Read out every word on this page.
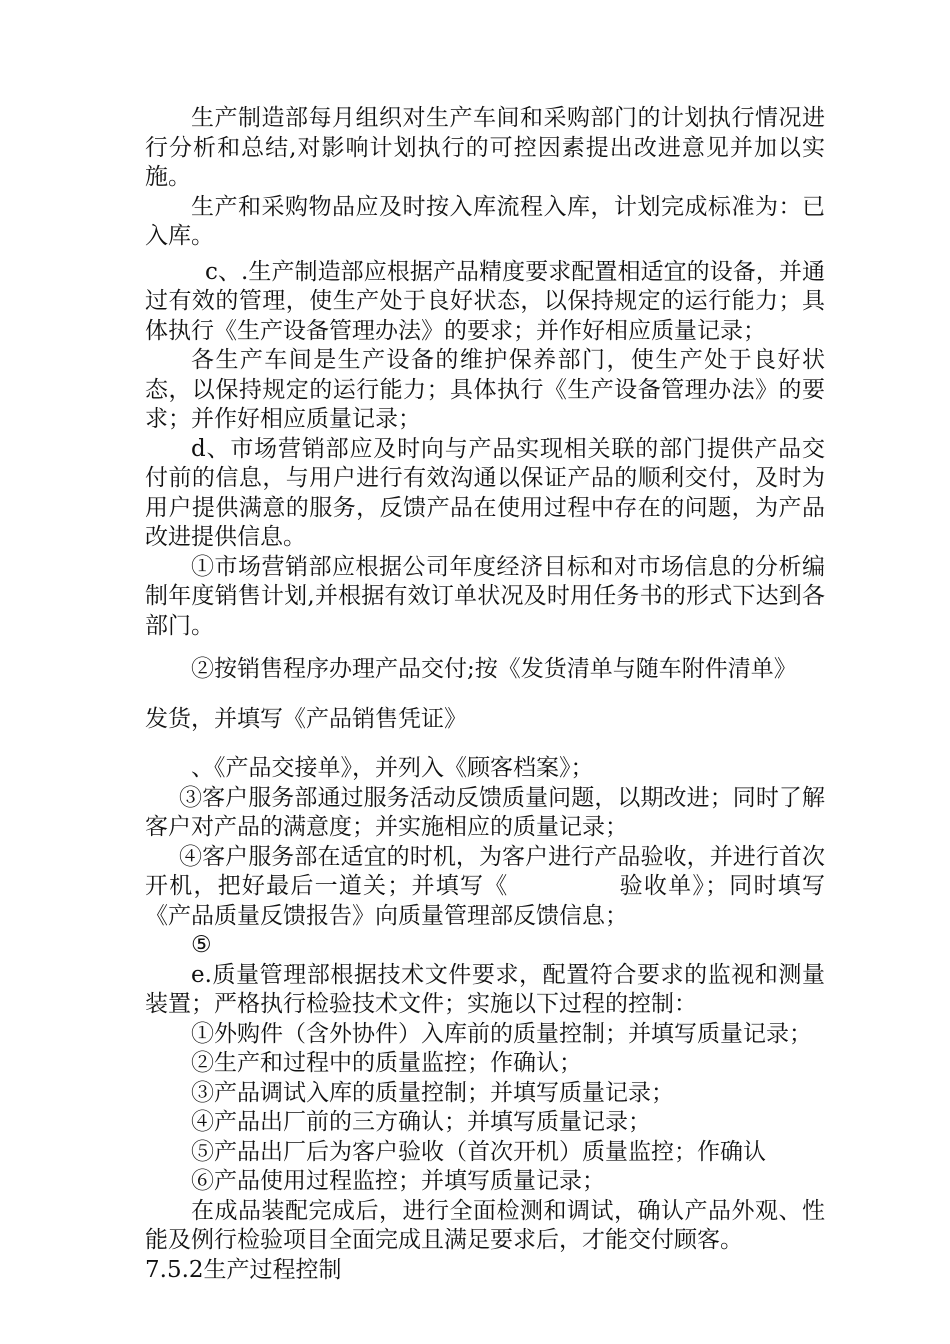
生产制造部每月组织对生产车间和采购部门的计划执行情况进行分析和总结,对影响计划执行的可控因素提出改进意见并加以实施。

生产和采购物品应及时按入库流程入库，计划完成标准为：已入库。

c、.生产制造部应根据产品精度要求配置相适宜的设备，并通过有效的管理，使生产处于良好状态，以保持规定的运行能力；具体执行《生产设备管理办法》的要求；并作好相应质量记录；

各生产车间是生产设备的维护保养部门，使生产处于良好状态，以保持规定的运行能力；具体执行《生产设备管理办法》的要求；并作好相应质量记录；

d、市场营销部应及时向与产品实现相关联的部门提供产品交付前的信息，与用户进行有效沟通以保证产品的顺利交付，及时为用户提供满意的服务，反馈产品在使用过程中存在的问题，为产品改进提供信息。

①市场营销部应根据公司年度经济目标和对市场信息的分析编制年度销售计划,并根据有效订单状况及时用任务书的形式下达到各部门。

②按销售程序办理产品交付;按《发货清单与随车附件清单》

发货，并填写《产品销售凭证》

、《产品交接单》，并列入《顾客档案》；

③客户服务部通过服务活动反馈质量问题，以期改进；同时了解客户对产品的满意度；并实施相应的质量记录；

④客户服务部在适宜的时机，为客户进行产品验收，并进行首次开机，把好最后一道关；并填写《	验收单》；同时填写《产品质量反馈报告》向质量管理部反馈信息；

⑤

e.质量管理部根据技术文件要求，配置符合要求的监视和测量装置；严格执行检验技术文件；实施以下过程的控制：

①外购件（含外协件）入库前的质量控制；并填写质量记录；

②生产和过程中的质量监控；作确认；

③产品调试入库的质量控制；并填写质量记录；

④产品出厂前的三方确认；并填写质量记录；

⑤产品出厂后为客户验收（首次开机）质量监控；作确认

⑥产品使用过程监控；并填写质量记录；

在成品装配完成后，进行全面检测和调试，确认产品外观、性能及例行检验项目全面完成且满足要求后，才能交付顾客。

7.5.2生产过程控制
